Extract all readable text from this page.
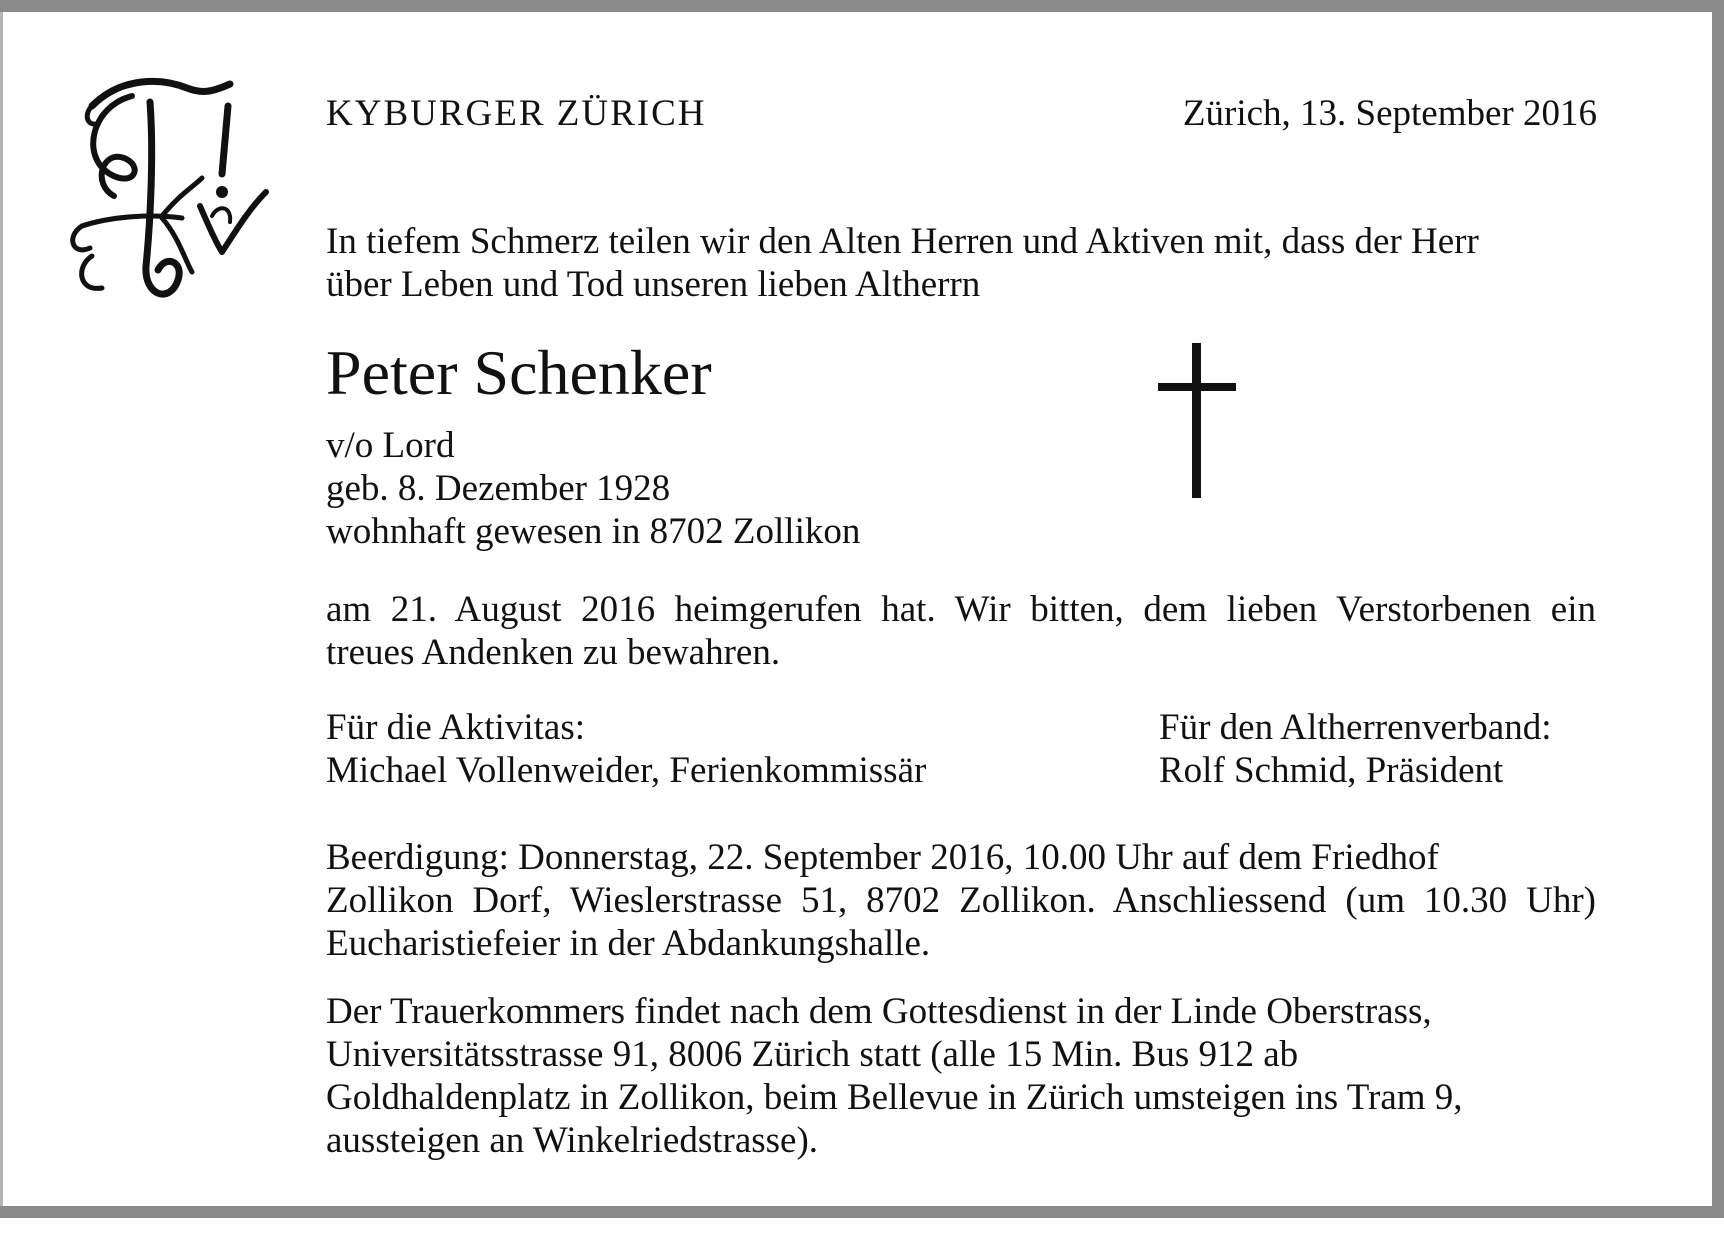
KYBURGER ZÜRICH	Zürich, 13. September 2016
In tiefem Schmerz teilen wir den Alten Herren und Aktiven mit, dass der Herr
über Leben und Tod unseren lieben Altherrn
Peter Schenker
v/o Lord
geb. 8. Dezember 1928
wohnhaft gewesen in 8702 Zollikon
am 21. August 2016 heimgerufen hat. Wir bitten, dem lieben Verstorbenen ein
treues Andenken zu bewahren.
Für die Aktivitas:
Michael Vollenweider, Ferienkommissär
Für den Altherrenverband:
Rolf Schmid, Präsident
Beerdigung: Donnerstag, 22. September 2016, 10.00 Uhr auf dem Friedhof
Zollikon Dorf, Wieslerstrasse 51, 8702 Zollikon. Anschliessend (um 10.30 Uhr)
Eucharistiefeier in der Abdankungshalle.
Der Trauerkommers findet nach dem Gottesdienst in der Linde Oberstrass,
Universitätsstrasse 91, 8006 Zürich statt (alle 15 Min. Bus 912 ab
Goldhaldenplatz in Zollikon, beim Bellevue in Zürich umsteigen ins Tram 9,
aussteigen an Winkelriedstrasse).
